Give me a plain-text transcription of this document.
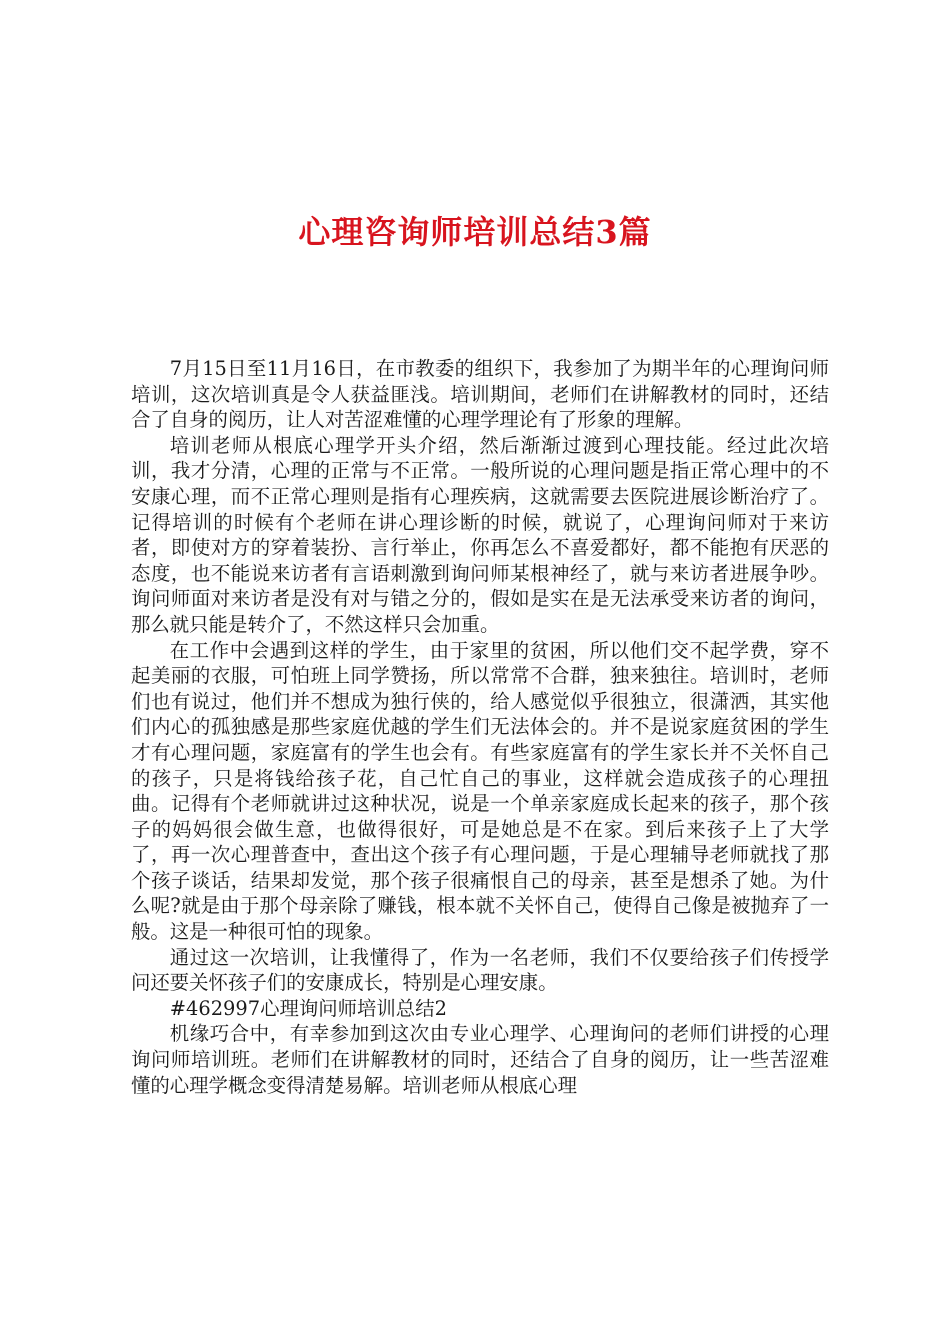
心理咨询师培训总结3篇

7月15日至11月16日，在市教委的组织下，我参加了为期半年的心理询问师培训，这次培训真是令人获益匪浅。培训期间，老师们在讲解教材的同时，还结合了自身的阅历，让人对苦涩难懂的心理学理论有了形象的理解。

培训老师从根底心理学开头介绍，然后渐渐过渡到心理技能。经过此次培训，我才分清，心理的正常与不正常。一般所说的心理问题是指正常心理中的不安康心理，而不正常心理则是指有心理疾病，这就需要去医院进展诊断治疗了。记得培训的时候有个老师在讲心理诊断的时候，就说了，心理询问师对于来访者，即使对方的穿着装扮、言行举止，你再怎么不喜爱都好，都不能抱有厌恶的态度，也不能说来访者有言语刺激到询问师某根神经了，就与来访者进展争吵。询问师面对来访者是没有对与错之分的，假如是实在是无法承受来访者的询问，那么就只能是转介了，不然这样只会加重。

在工作中会遇到这样的学生，由于家里的贫困，所以他们交不起学费，穿不起美丽的衣服，可怕班上同学赞扬，所以常常不合群，独来独往。培训时，老师们也有说过，他们并不想成为独行侠的，给人感觉似乎很独立，很潇洒，其实他们内心的孤独感是那些家庭优越的学生们无法体会的。并不是说家庭贫困的学生才有心理问题，家庭富有的学生也会有。有些家庭富有的学生家长并不关怀自己的孩子，只是将钱给孩子花，自己忙自己的事业，这样就会造成孩子的心理扭曲。记得有个老师就讲过这种状况，说是一个单亲家庭成长起来的孩子，那个孩子的妈妈很会做生意，也做得很好，可是她总是不在家。到后来孩子上了大学了，再一次心理普查中，查出这个孩子有心理问题，于是心理辅导老师就找了那个孩子谈话，结果却发觉，那个孩子很痛恨自己的母亲，甚至是想杀了她。为什么呢?就是由于那个母亲除了赚钱，根本就不关怀自己，使得自己像是被抛弃了一般。这是一种很可怕的现象。

通过这一次培训，让我懂得了，作为一名老师，我们不仅要给孩子们传授学问还要关怀孩子们的安康成长，特别是心理安康。

#462997心理询问师培训总结2

机缘巧合中，有幸参加到这次由专业心理学、心理询问的老师们讲授的心理询问师培训班。老师们在讲解教材的同时，还结合了自身的阅历，让一些苦涩难懂的心理学概念变得清楚易解。培训老师从根底心理
